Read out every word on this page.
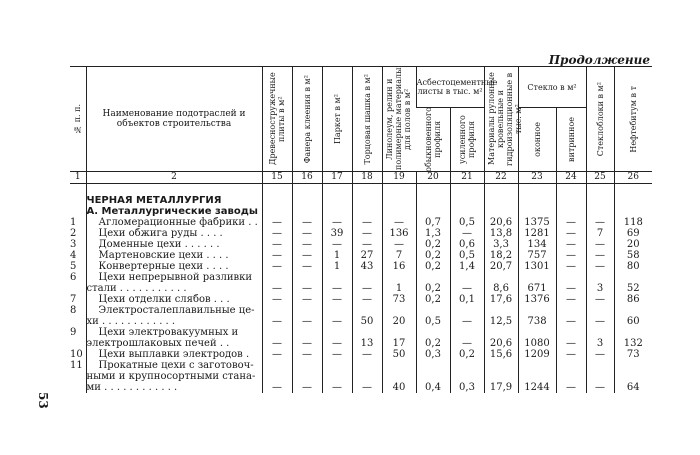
Продолжение
53
№ п. п.	Наименование подотраслей и объектов строительства	Древесностружечные плиты в м²	Фанера клеения в м²	Паркет в м²	Торцовая шашка в м²	Линолеум, релин и полимерные материалы для полов в м²	Асбестоцементные листы в тыс. м²		Материалы рулонные кровельные и гидроизоляционные в тыс. м²	Стекло в м²		Стеклоблоки в м²	Нефтебитум в т

							обыкновенного профиля	усиленного профиля		оконное	витринное		

1	2	15	16	17	18	19	20	21	22	23	24	25	26

	ЧЕРНАЯ МЕТАЛЛУРГИЯ												
	А. Металлургические заводы												
1	Агломерационные фабрики . .	—	—	—	—	—	0,7	0,5	20,6	1375	—	—	118
2	Цехи обжига руды . . . .	—	—	39	—	136	1,3	—	13,8	1281	—	7	69
3	Доменные цехи . . . . . .	—	—	—	—	—	0,2	0,6	3,3	134	—	—	20
4	Мартеновские цехи . . . .	—	—	1	27	7	0,2	0,5	18,2	757	—	—	58
5	Конвертерные цехи . . . .	—	—	1	43	16	0,2	1,4	20,7	1301	—	—	80
6	Цехи непрерывной разливки												
	стали . . . . . . . . . . .	—	—	—	—	1	0,2	—	8,6	671	—	3	52
7	Цехи отделки слябов . . .	—	—	—	—	73	0,2	0,1	17,6	1376	—	—	86
8	Электросталеплавильные це-												
	хи . . . . . . . . . . . .	—	—	—	50	20	0,5	—	12,5	738	—	—	60
9	Цехи электровакуумных и												
	электрошлаковых печей . .	—	—	—	13	17	0,2	—	20,6	1080	—	3	132
10	Цехи выплавки электродов .	—	—	—	—	50	0,3	0,2	15,6	1209	—	—	73
11	Прокатные цехи с заготовоч-												
	ными и крупносортными стана-												
	ми . . . . . . . . . . . .	—	—	—	—	40	0,4	0,3	17,9	1244	—	—	64
